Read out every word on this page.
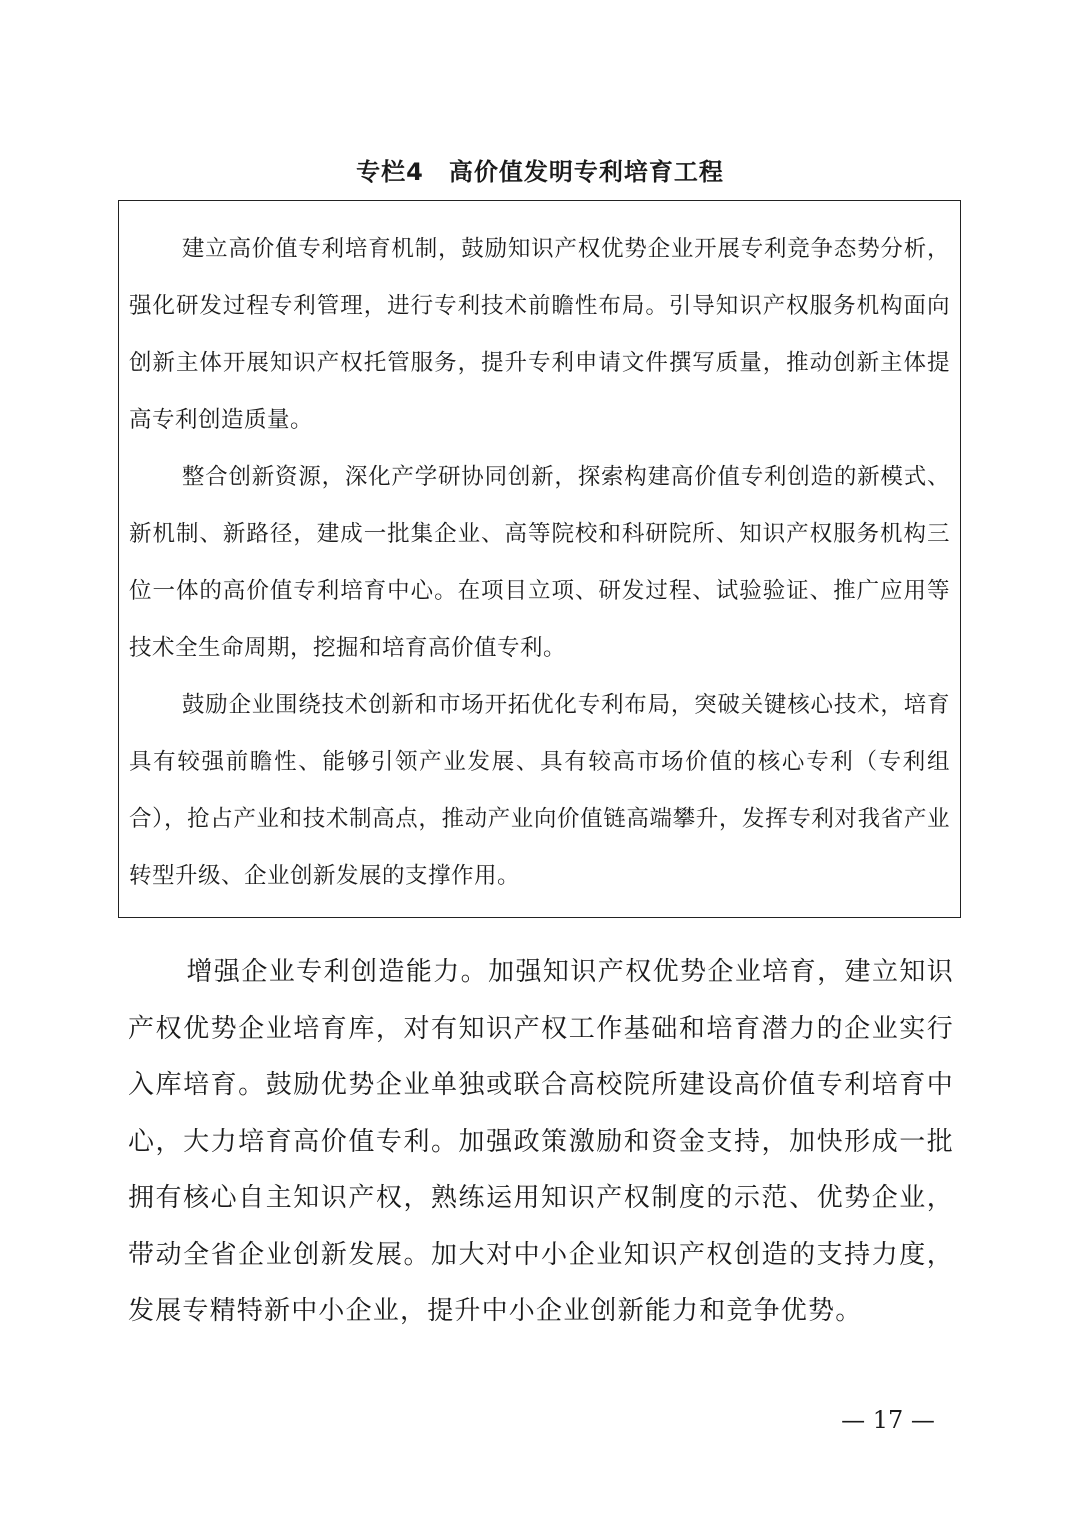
专栏4　高价值发明专利培育工程

建立高价值专利培育机制，鼓励知识产权优势企业开展专利竞争态势分析，强化研发过程专利管理，进行专利技术前瞻性布局。引导知识产权服务机构面向创新主体开展知识产权托管服务，提升专利申请文件撰写质量，推动创新主体提高专利创造质量。

整合创新资源，深化产学研协同创新，探索构建高价值专利创造的新模式、新机制、新路径，建成一批集企业、高等院校和科研院所、知识产权服务机构三位一体的高价值专利培育中心。在项目立项、研发过程、试验验证、推广应用等技术全生命周期，挖掘和培育高价值专利。

鼓励企业围绕技术创新和市场开拓优化专利布局，突破关键核心技术，培育具有较强前瞻性、能够引领产业发展、具有较高市场价值的核心专利（专利组合），抢占产业和技术制高点，推动产业向价值链高端攀升，发挥专利对我省产业转型升级、企业创新发展的支撑作用。

增强企业专利创造能力。加强知识产权优势企业培育，建立知识产权优势企业培育库，对有知识产权工作基础和培育潜力的企业实行入库培育。鼓励优势企业单独或联合高校院所建设高价值专利培育中心，大力培育高价值专利。加强政策激励和资金支持，加快形成一批拥有核心自主知识产权，熟练运用知识产权制度的示范、优势企业，带动全省企业创新发展。加大对中小企业知识产权创造的支持力度，发展专精特新中小企业，提升中小企业创新能力和竞争优势。

— 17 —
